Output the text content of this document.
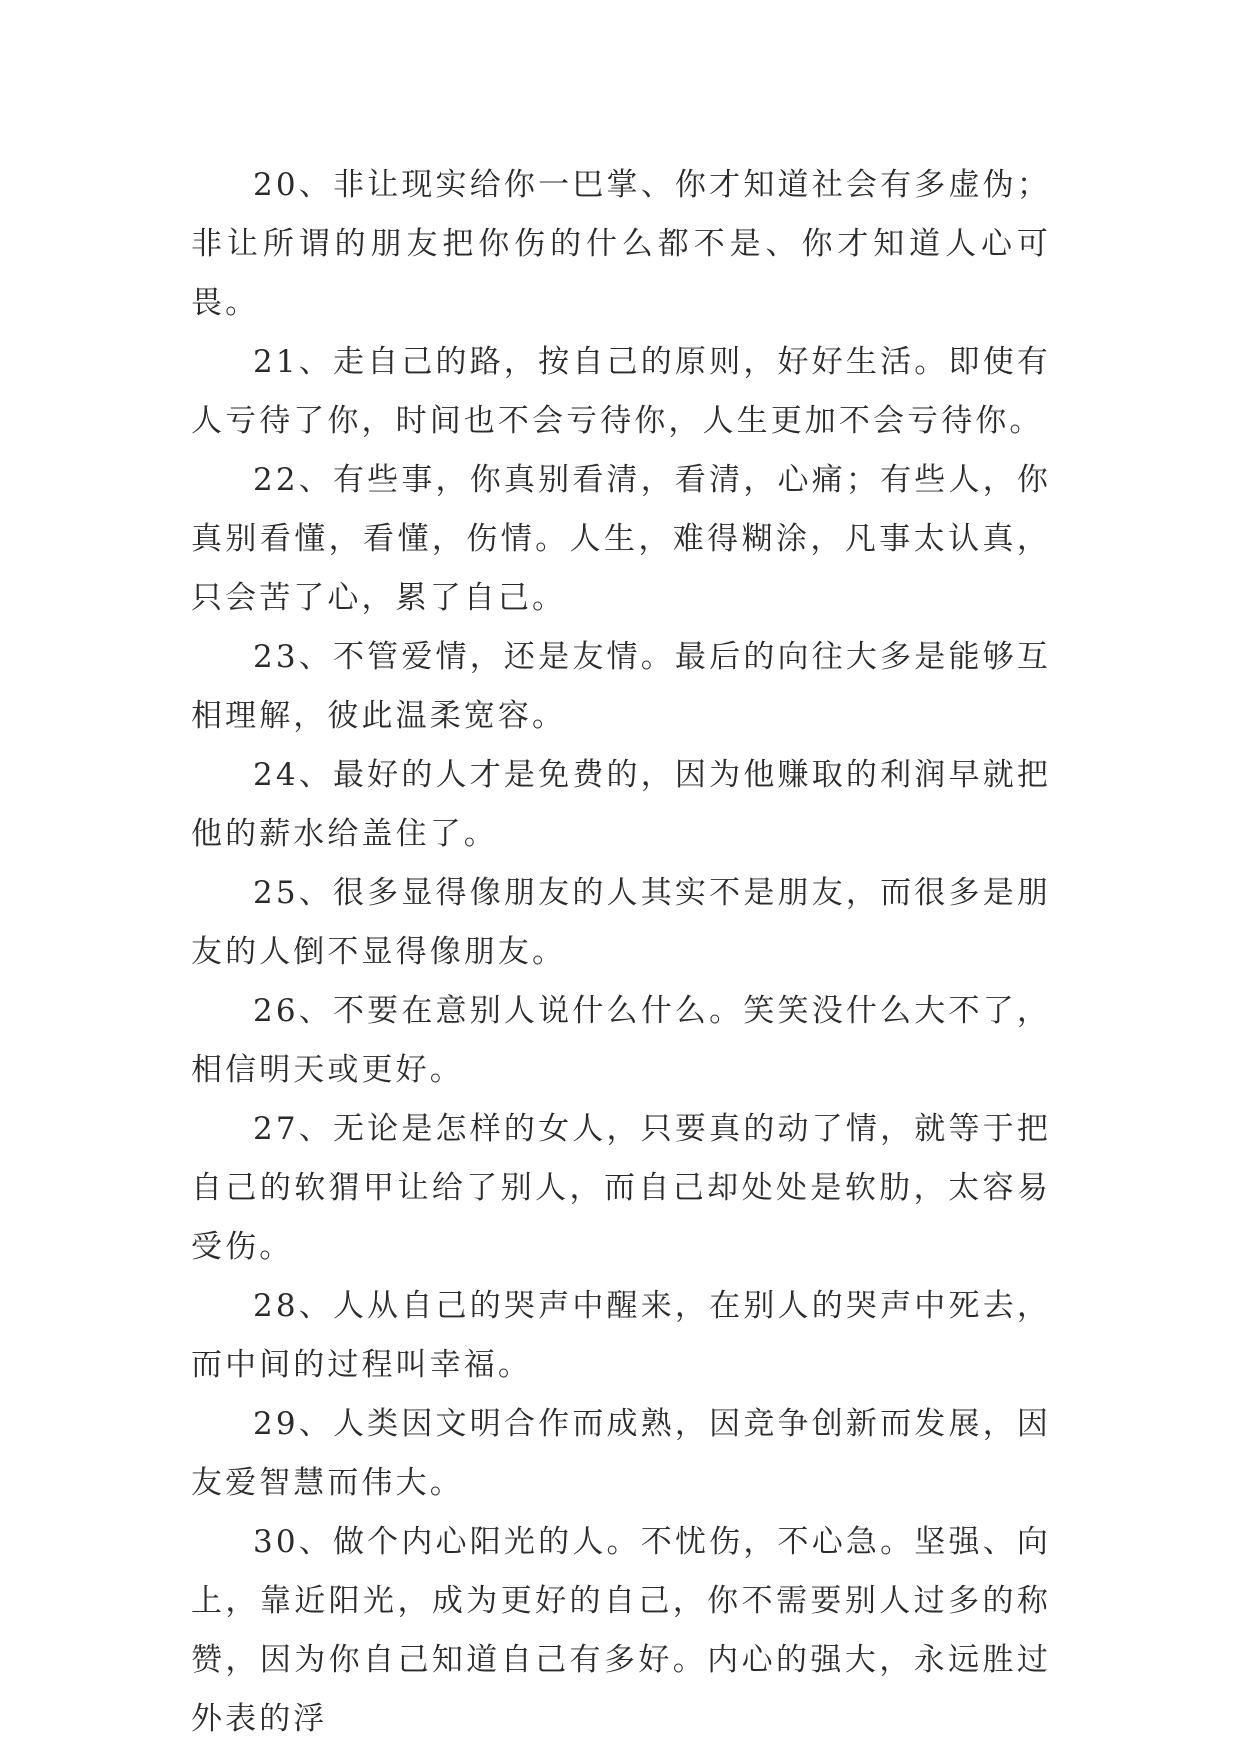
20、非让现实给你一巴掌、你才知道社会有多虚伪；非让所谓的朋友把你伤的什么都不是、你才知道人心可畏。

21、走自己的路，按自己的原则，好好生活。即使有人亏待了你，时间也不会亏待你，人生更加不会亏待你。

22、有些事，你真别看清，看清，心痛；有些人，你真别看懂，看懂，伤情。人生，难得糊涂，凡事太认真，只会苦了心，累了自己。

23、不管爱情，还是友情。最后的向往大多是能够互相理解，彼此温柔宽容。

24、最好的人才是免费的，因为他赚取的利润早就把他的薪水给盖住了。

25、很多显得像朋友的人其实不是朋友，而很多是朋友的人倒不显得像朋友。

26、不要在意别人说什么什么。笑笑没什么大不了，相信明天或更好。

27、无论是怎样的女人，只要真的动了情，就等于把自己的软猬甲让给了别人，而自己却处处是软肋，太容易受伤。

28、人从自己的哭声中醒来，在别人的哭声中死去，而中间的过程叫幸福。

29、人类因文明合作而成熟，因竞争创新而发展，因友爱智慧而伟大。

30、做个内心阳光的人。不忧伤，不心急。坚强、向上，靠近阳光，成为更好的自己，你不需要别人过多的称赞，因为你自己知道自己有多好。内心的强大，永远胜过外表的浮
